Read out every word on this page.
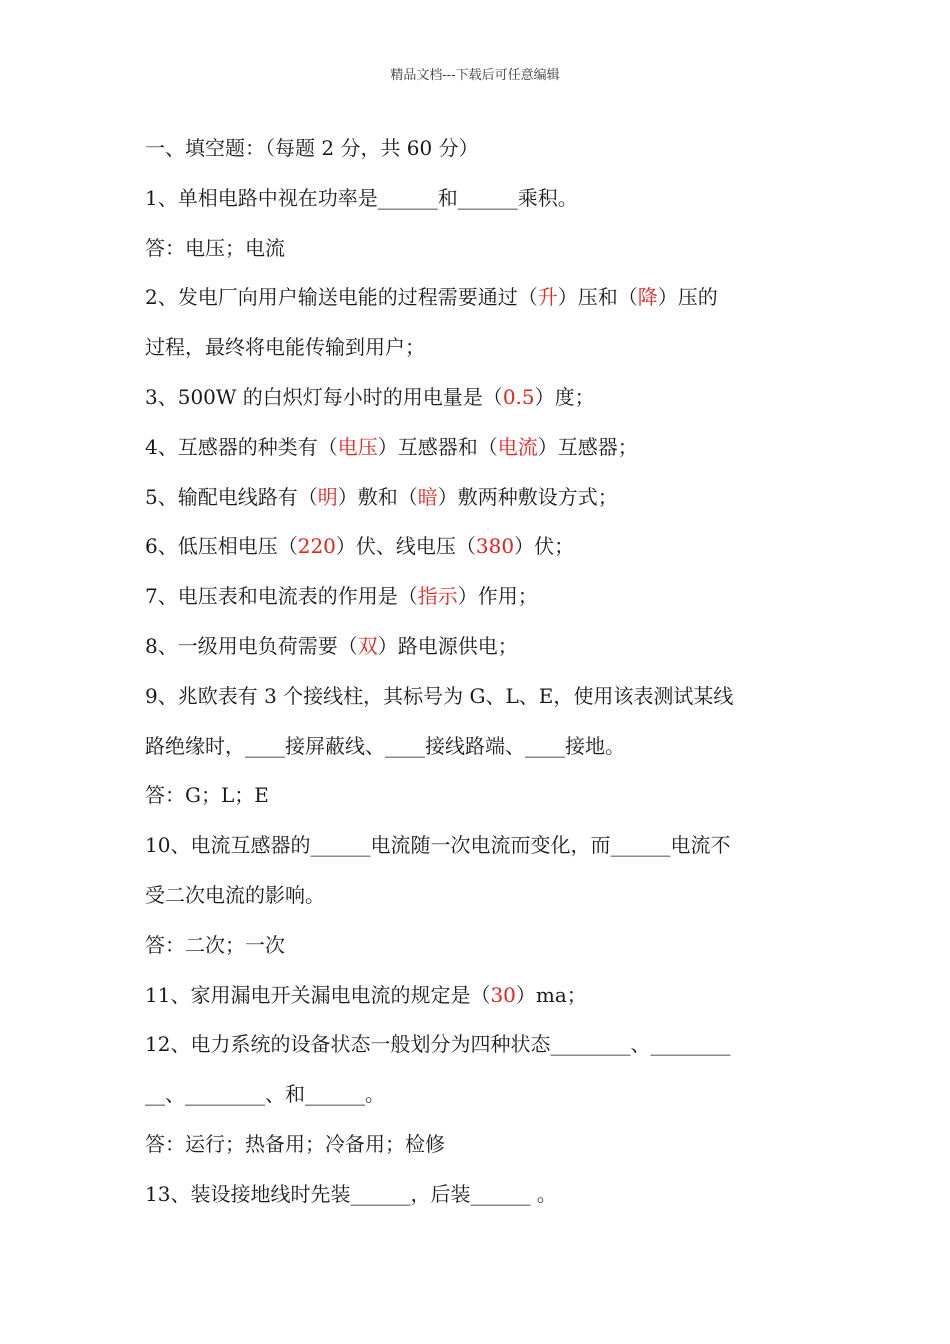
精品文档---下载后可任意编辑
一、填空题：（每题 2 分，共 60 分）
1、单相电路中视在功率是______和______乘积。
答：电压；电流
2、发电厂向用户输送电能的过程需要通过（升）压和（降）压的
过程，最终将电能传输到用户；
3、500W 的白炽灯每小时的用电量是（0.5）度；
4、互感器的种类有（电压）互感器和（电流）互感器；
5、输配电线路有（明）敷和（暗）敷两种敷设方式；
6、低压相电压（220）伏、线电压（380）伏；
7、电压表和电流表的作用是（指示）作用；
8、一级用电负荷需要（双）路电源供电；
9、兆欧表有 3 个接线柱，其标号为 G、L、E，使用该表测试某线
路绝缘时，____接屏蔽线、____接线路端、____接地。
答：G；L；E
10、电流互感器的______电流随一次电流而变化，而______电流不
受二次电流的影响。
答：二次；一次
11、家用漏电开关漏电电流的规定是（30）ma；
12、电力系统的设备状态一般划分为四种状态________、________
__、________、和______。
答：运行；热备用；冷备用；检修
13、装设接地线时先装______，后装______ 。
